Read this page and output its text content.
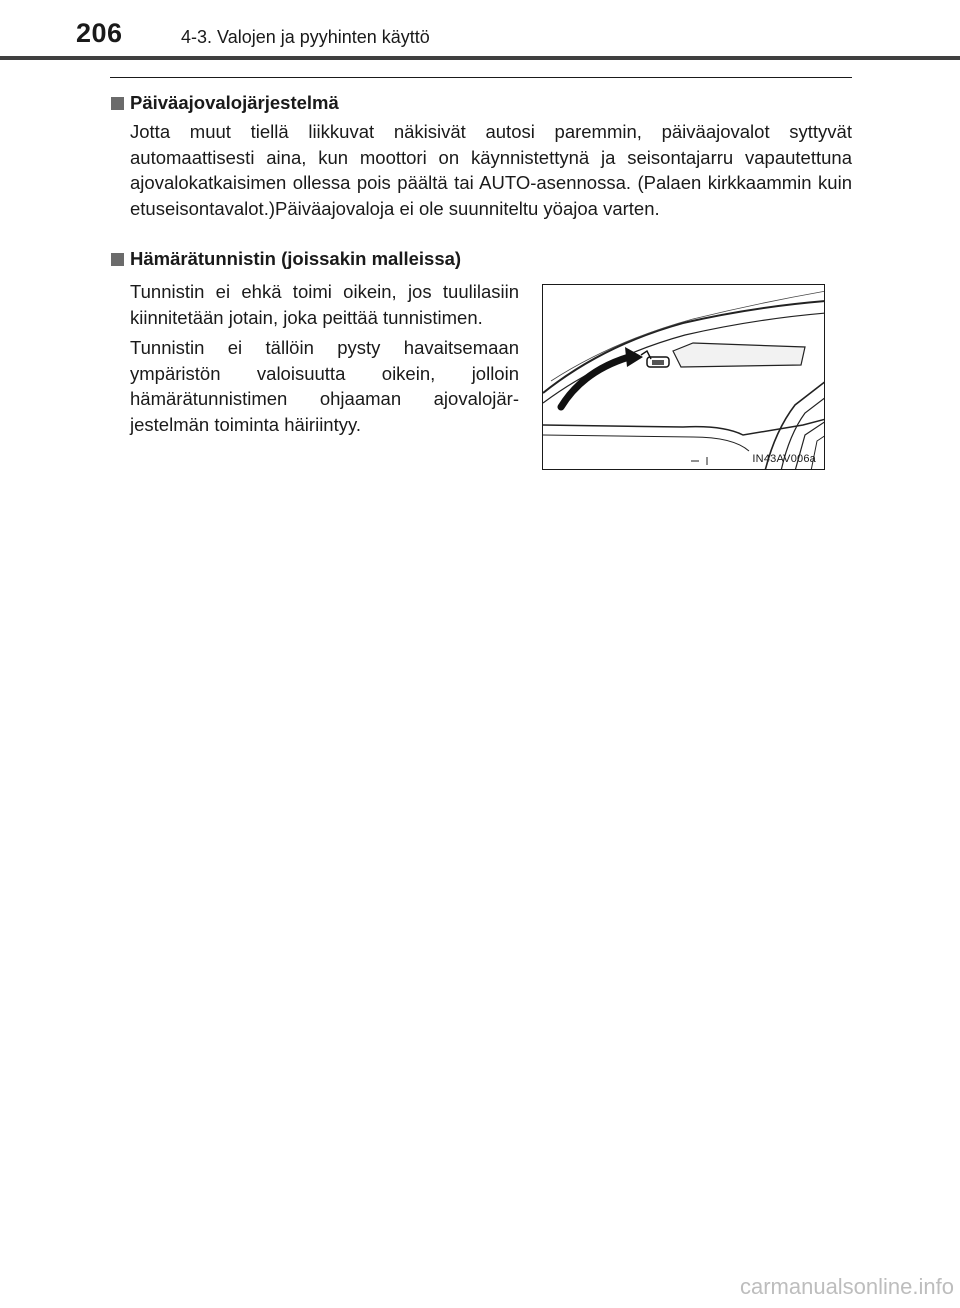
206	4-3. Valojen ja pyyhinten käyttö
Päiväajovalojärjestelmä

Jotta muut tiellä liikkuvat näkisivät autosi paremmin, päiväajovalot syttyvät automaattisesti aina, kun moottori on käynnistettynä ja seisontajarru vapautettuna ajovalokatkaisimen ollessa pois päältä tai AUTO-asennossa. (Palaen kirkkaammin kuin etuseisontavalot.)Päiväajovaloja ei ole suunniteltu yöajoa varten.

Hämärätunnistin (joissakin malleissa)

Tunnistin ei ehkä toimi oikein, jos tuulilasiin kiinnitetään jotain, joka peittää tunnistimen.

Tunnistin ei tällöin pysty havaitsemaan ympäristön valoisuutta oikein, jolloin hämärätunnistimen ohjaaman ajovalojärjestelmän toiminta häiriintyy.

IN43AV006a
carmanualsonline.info
